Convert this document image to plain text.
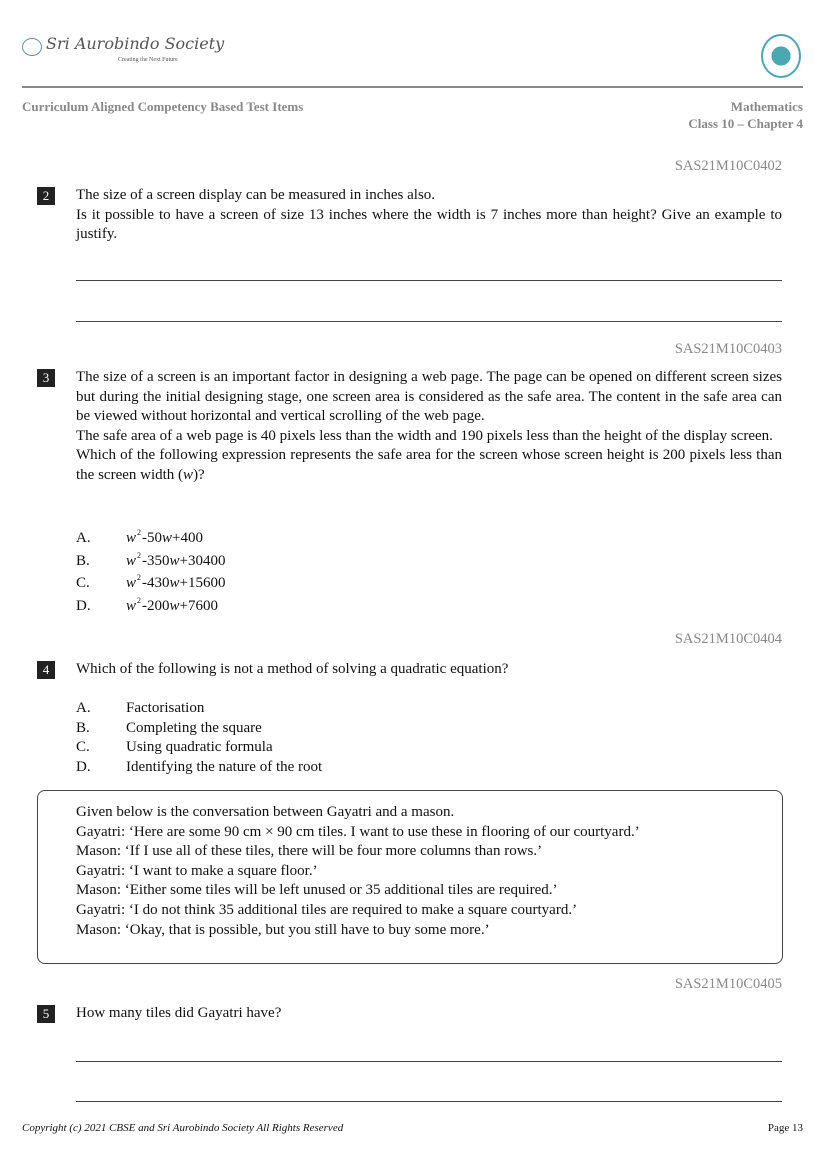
Sri Aurobindo Society
Creating the Next Future
Curriculum Aligned Competency Based Test Items	Mathematics
Class 10 – Chapter 4
SAS21M10C0402
2	The size of a screen display can be measured in inches also.
Is it possible to have a screen of size 13 inches where the width is 7 inches more than height? Give an example to justify.
SAS21M10C0403
3	The size of a screen is an important factor in designing a web page. The page can be opened on different screen sizes but during the initial designing stage, one screen area is considered as the safe area. The content in the safe area can be viewed without horizontal and vertical scrolling of the web page.
The safe area of a web page is 40 pixels less than the width and 190 pixels less than the height of the display screen.
Which of the following expression represents the safe area for the screen whose screen height is 200 pixels less than the screen width (w)?
A.	$w^2-50w+400$
B.	$w^2-350w+30400$
C.	$w^2-430w+15600$
D.	$w^2-200w+7600$
SAS21M10C0404
4	Which of the following is not a method of solving a quadratic equation?
A.	Factorisation
B.	Completing the square
C.	Using quadratic formula
D.	Identifying the nature of the root
Given below is the conversation between Gayatri and a mason.
Gayatri: ‘Here are some 90 cm × 90 cm tiles. I want to use these in flooring of our courtyard.’
Mason: ‘If I use all of these tiles, there will be four more columns than rows.’
Gayatri: ‘I want to make a square floor.’
Mason: ‘Either some tiles will be left unused or 35 additional tiles are required.’
Gayatri: ‘I do not think 35 additional tiles are required to make a square courtyard.’
Mason: ‘Okay, that is possible, but you still have to buy some more.’
SAS21M10C0405
5	How many tiles did Gayatri have?
Copyright (c) 2021 CBSE and Sri Aurobindo Society All Rights Reserved	Page 13
